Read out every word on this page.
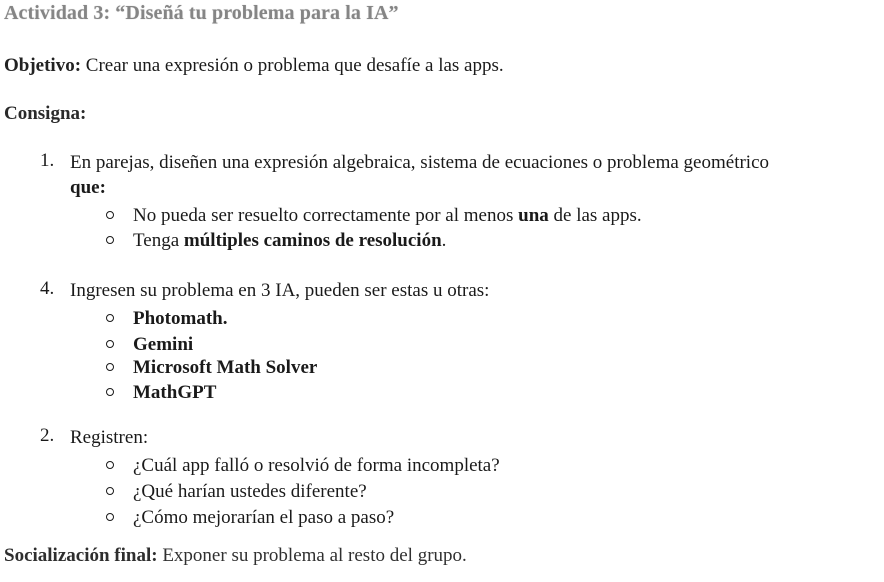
Actividad 3: “Diseñá tu problema para la IA”
Objetivo: Crear una expresión o problema que desafíe a las apps.
Consigna:
1. En parejas, diseñen una expresión algebraica, sistema de ecuaciones o problema geométrico
que:
No pueda ser resuelto correctamente por al menos una de las apps.
Tenga múltiples caminos de resolución.
4. Ingresen su problema en 3 IA, pueden ser estas u otras:
Photomath.
Gemini
Microsoft Math Solver
MathGPT
2. Registren:
¿Cuál app falló o resolvió de forma incompleta?
¿Qué harían ustedes diferente?
¿Cómo mejorarían el paso a paso?
Socialización final: Exponer su problema al resto del grupo.
